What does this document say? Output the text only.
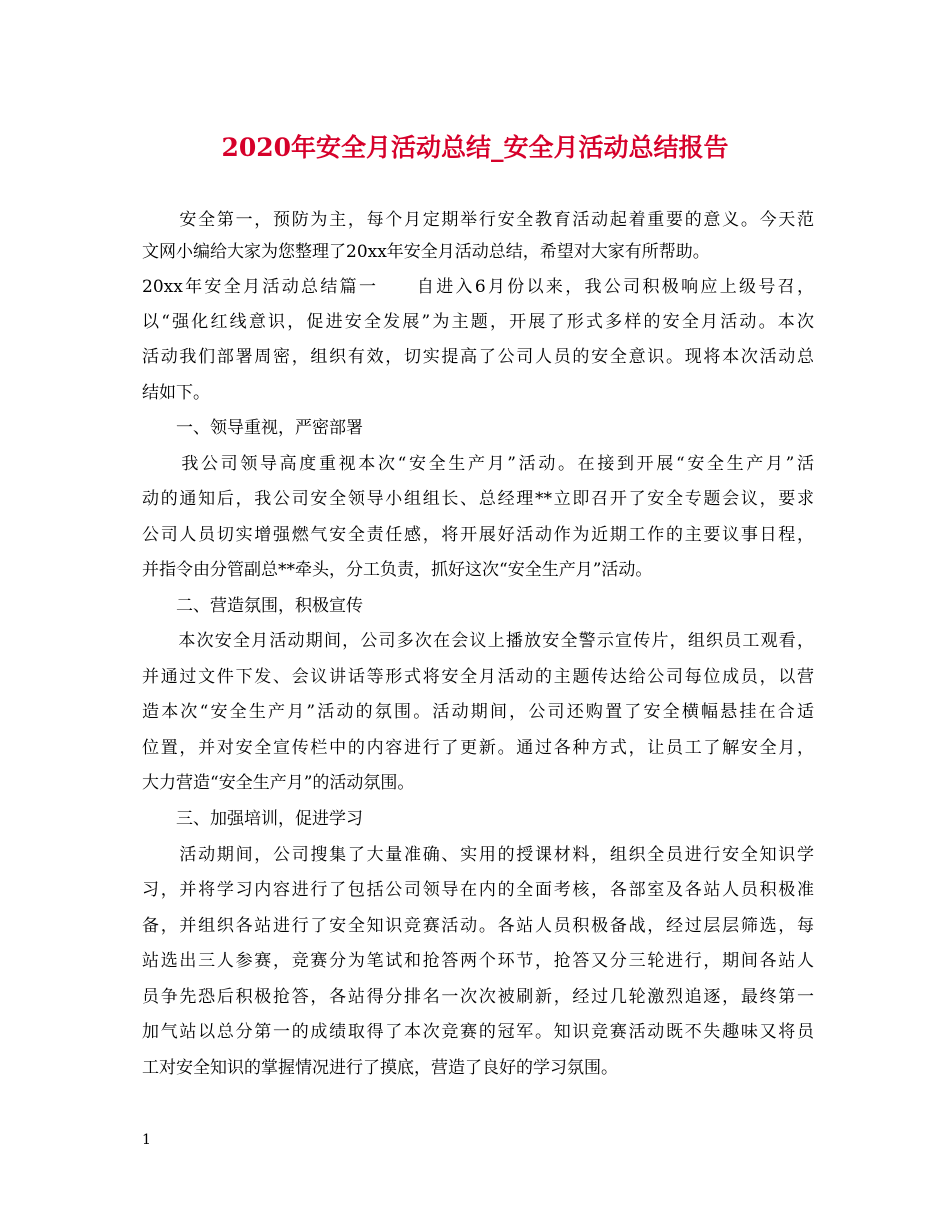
2020年安全月活动总结_安全月活动总结报告
　　安全第一，预防为主，每个月定期举行安全教育活动起着重要的意义。今天范
文网小编给大家为您整理了20xx年安全月活动总结，希望对大家有所帮助。
20xx年安全月活动总结篇一　　自进入6月份以来，我公司积极响应上级号召，
以“强化红线意识，促进安全发展”为主题，开展了形式多样的安全月活动。本次
活动我们部署周密，组织有效，切实提高了公司人员的安全意识。现将本次活动总
结如下。
　　一、领导重视，严密部署
　　我公司领导高度重视本次“安全生产月”活动。在接到开展“安全生产月”活
动的通知后，我公司安全领导小组组长、总经理**立即召开了安全专题会议，要求
公司人员切实增强燃气安全责任感，将开展好活动作为近期工作的主要议事日程，
并指令由分管副总**牵头，分工负责，抓好这次“安全生产月”活动。
　　二、营造氛围，积极宣传
　　本次安全月活动期间，公司多次在会议上播放安全警示宣传片，组织员工观看，
并通过文件下发、会议讲话等形式将安全月活动的主题传达给公司每位成员，以营
造本次“安全生产月”活动的氛围。活动期间，公司还购置了安全横幅悬挂在合适
位置，并对安全宣传栏中的内容进行了更新。通过各种方式，让员工了解安全月，
大力营造“安全生产月”的活动氛围。
　　三、加强培训，促进学习
　　活动期间，公司搜集了大量准确、实用的授课材料，组织全员进行安全知识学
习，并将学习内容进行了包括公司领导在内的全面考核，各部室及各站人员积极准
备，并组织各站进行了安全知识竞赛活动。各站人员积极备战，经过层层筛选，每
站选出三人参赛，竞赛分为笔试和抢答两个环节，抢答又分三轮进行，期间各站人
员争先恐后积极抢答，各站得分排名一次次被刷新，经过几轮激烈追逐，最终第一
加气站以总分第一的成绩取得了本次竞赛的冠军。知识竞赛活动既不失趣味又将员
工对安全知识的掌握情况进行了摸底，营造了良好的学习氛围。
1
